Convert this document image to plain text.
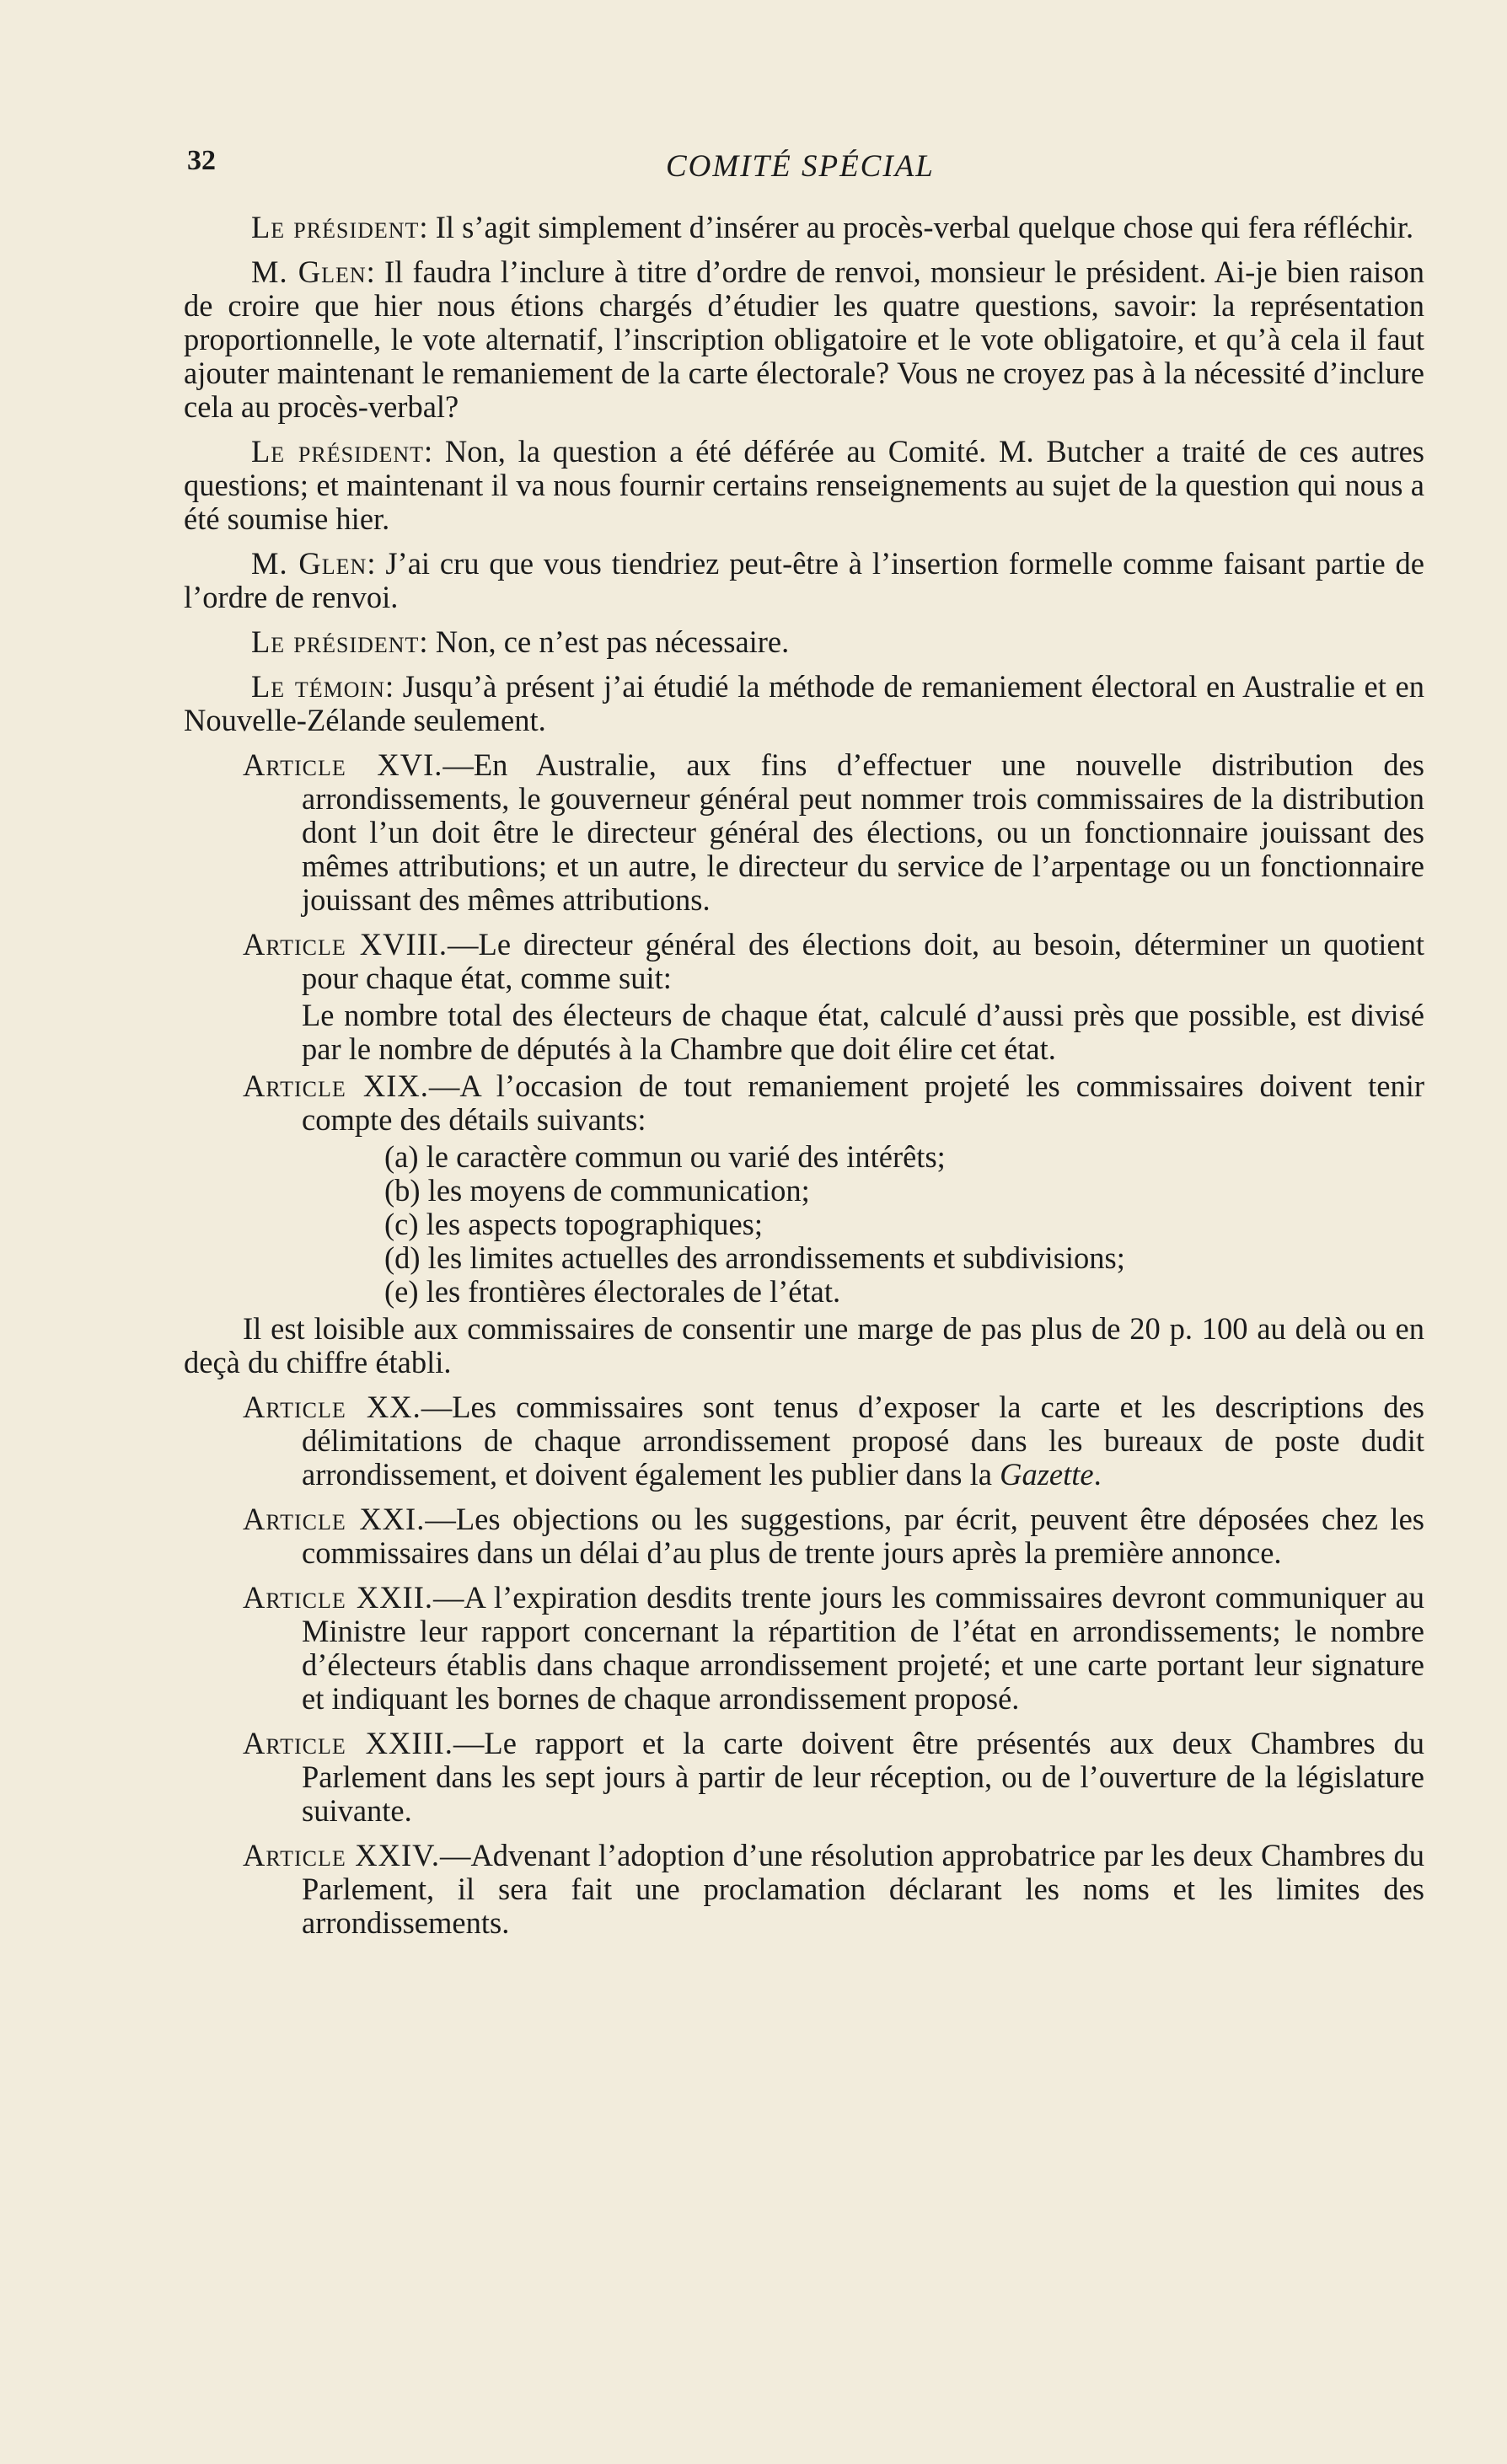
32	COMITÉ SPÉCIAL

Le président: Il s’agit simplement d’insérer au procès-verbal quelque chose qui fera réfléchir.

M. Glen: Il faudra l’inclure à titre d’ordre de renvoi, monsieur le président. Ai-je bien raison de croire que hier nous étions chargés d’étudier les quatre questions, savoir: la représentation proportionnelle, le vote alternatif, l’inscription obligatoire et le vote obligatoire, et qu’à cela il faut ajouter maintenant le remaniement de la carte électorale? Vous ne croyez pas à la nécessité d’inclure cela au procès-verbal?

Le président: Non, la question a été déférée au Comité. M. Butcher a traité de ces autres questions; et maintenant il va nous fournir certains renseignements au sujet de la question qui nous a été soumise hier.

M. Glen: J’ai cru que vous tiendriez peut-être à l’insertion formelle comme faisant partie de l’ordre de renvoi.

Le président: Non, ce n’est pas nécessaire.

Le témoin: Jusqu’à présent j’ai étudié la méthode de remaniement électoral en Australie et en Nouvelle-Zélande seulement.

Article XVI.—En Australie, aux fins d’effectuer une nouvelle distribution des arrondissements, le gouverneur général peut nommer trois commissaires de la distribution dont l’un doit être le directeur général des élections, ou un fonctionnaire jouissant des mêmes attributions; et un autre, le directeur du service de l’arpentage ou un fonctionnaire jouissant des mêmes attributions.

Article XVIII.—Le directeur général des élections doit, au besoin, déterminer un quotient pour chaque état, comme suit:

Le nombre total des électeurs de chaque état, calculé d’aussi près que possible, est divisé par le nombre de députés à la Chambre que doit élire cet état.

Article XIX.—A l’occasion de tout remaniement projeté les commissaires doivent tenir compte des détails suivants:

(a) le caractère commun ou varié des intérêts;
(b) les moyens de communication;
(c) les aspects topographiques;
(d) les limites actuelles des arrondissements et subdivisions;
(e) les frontières électorales de l’état.

Il est loisible aux commissaires de consentir une marge de pas plus de 20 p. 100 au delà ou en deçà du chiffre établi.

Article XX.—Les commissaires sont tenus d’exposer la carte et les descriptions des délimitations de chaque arrondissement proposé dans les bureaux de poste dudit arrondissement, et doivent également les publier dans la Gazette.

Article XXI.—Les objections ou les suggestions, par écrit, peuvent être déposées chez les commissaires dans un délai d’au plus de trente jours après la première annonce.

Article XXII.—A l’expiration desdits trente jours les commissaires devront communiquer au Ministre leur rapport concernant la répartition de l’état en arrondissements; le nombre d’électeurs établis dans chaque arrondissement projeté; et une carte portant leur signature et indiquant les bornes de chaque arrondissement proposé.

Article XXIII.—Le rapport et la carte doivent être présentés aux deux Chambres du Parlement dans les sept jours à partir de leur réception, ou de l’ouverture de la législature suivante.

Article XXIV.—Advenant l’adoption d’une résolution approbatrice par les deux Chambres du Parlement, il sera fait une proclamation déclarant les noms et les limites des arrondissements.
